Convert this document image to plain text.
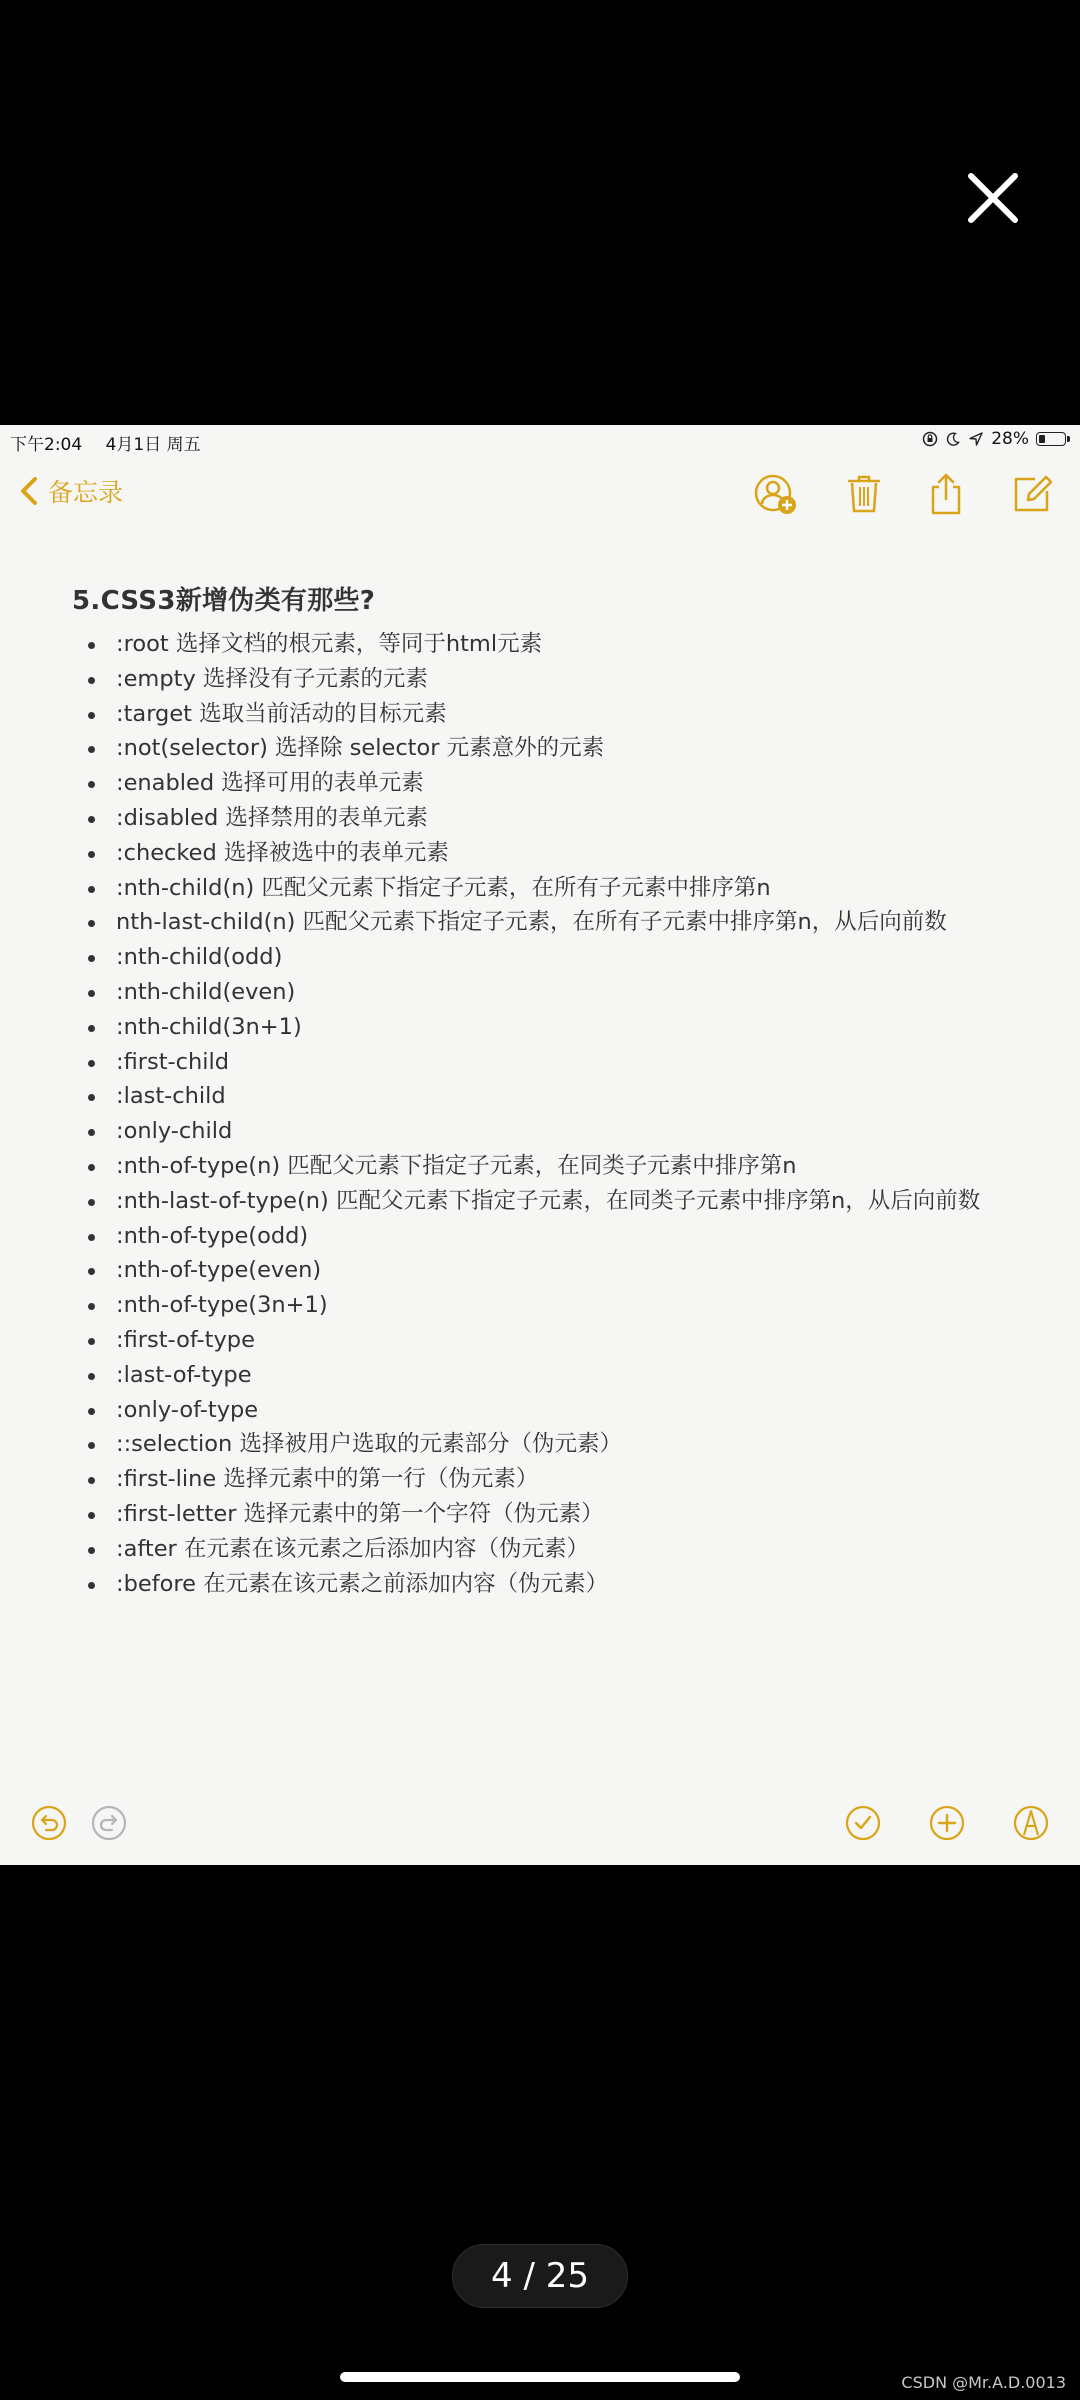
下午2:04 4月1日 周五	28%
备忘录
5.CSS3新增伪类有那些?
:root 选择文档的根元素，等同于html元素
:empty 选择没有子元素的元素
:target 选取当前活动的目标元素
:not(selector) 选择除 selector 元素意外的元素
:enabled 选择可用的表单元素
:disabled 选择禁用的表单元素
:checked 选择被选中的表单元素
:nth-child(n) 匹配父元素下指定子元素，在所有子元素中排序第n
nth-last-child(n) 匹配父元素下指定子元素，在所有子元素中排序第n，从后向前数
:nth-child(odd)
:nth-child(even)
:nth-child(3n+1)
:first-child
:last-child
:only-child
:nth-of-type(n) 匹配父元素下指定子元素，在同类子元素中排序第n
:nth-last-of-type(n) 匹配父元素下指定子元素，在同类子元素中排序第n，从后向前数
:nth-of-type(odd)
:nth-of-type(even)
:nth-of-type(3n+1)
:first-of-type
:last-of-type
:only-of-type
::selection 选择被用户选取的元素部分（伪元素）
:first-line 选择元素中的第一行（伪元素）
:first-letter 选择元素中的第一个字符（伪元素）
:after 在元素在该元素之后添加内容（伪元素）
:before 在元素在该元素之前添加内容（伪元素）
4 / 25
CSDN @Mr.A.D.0013
